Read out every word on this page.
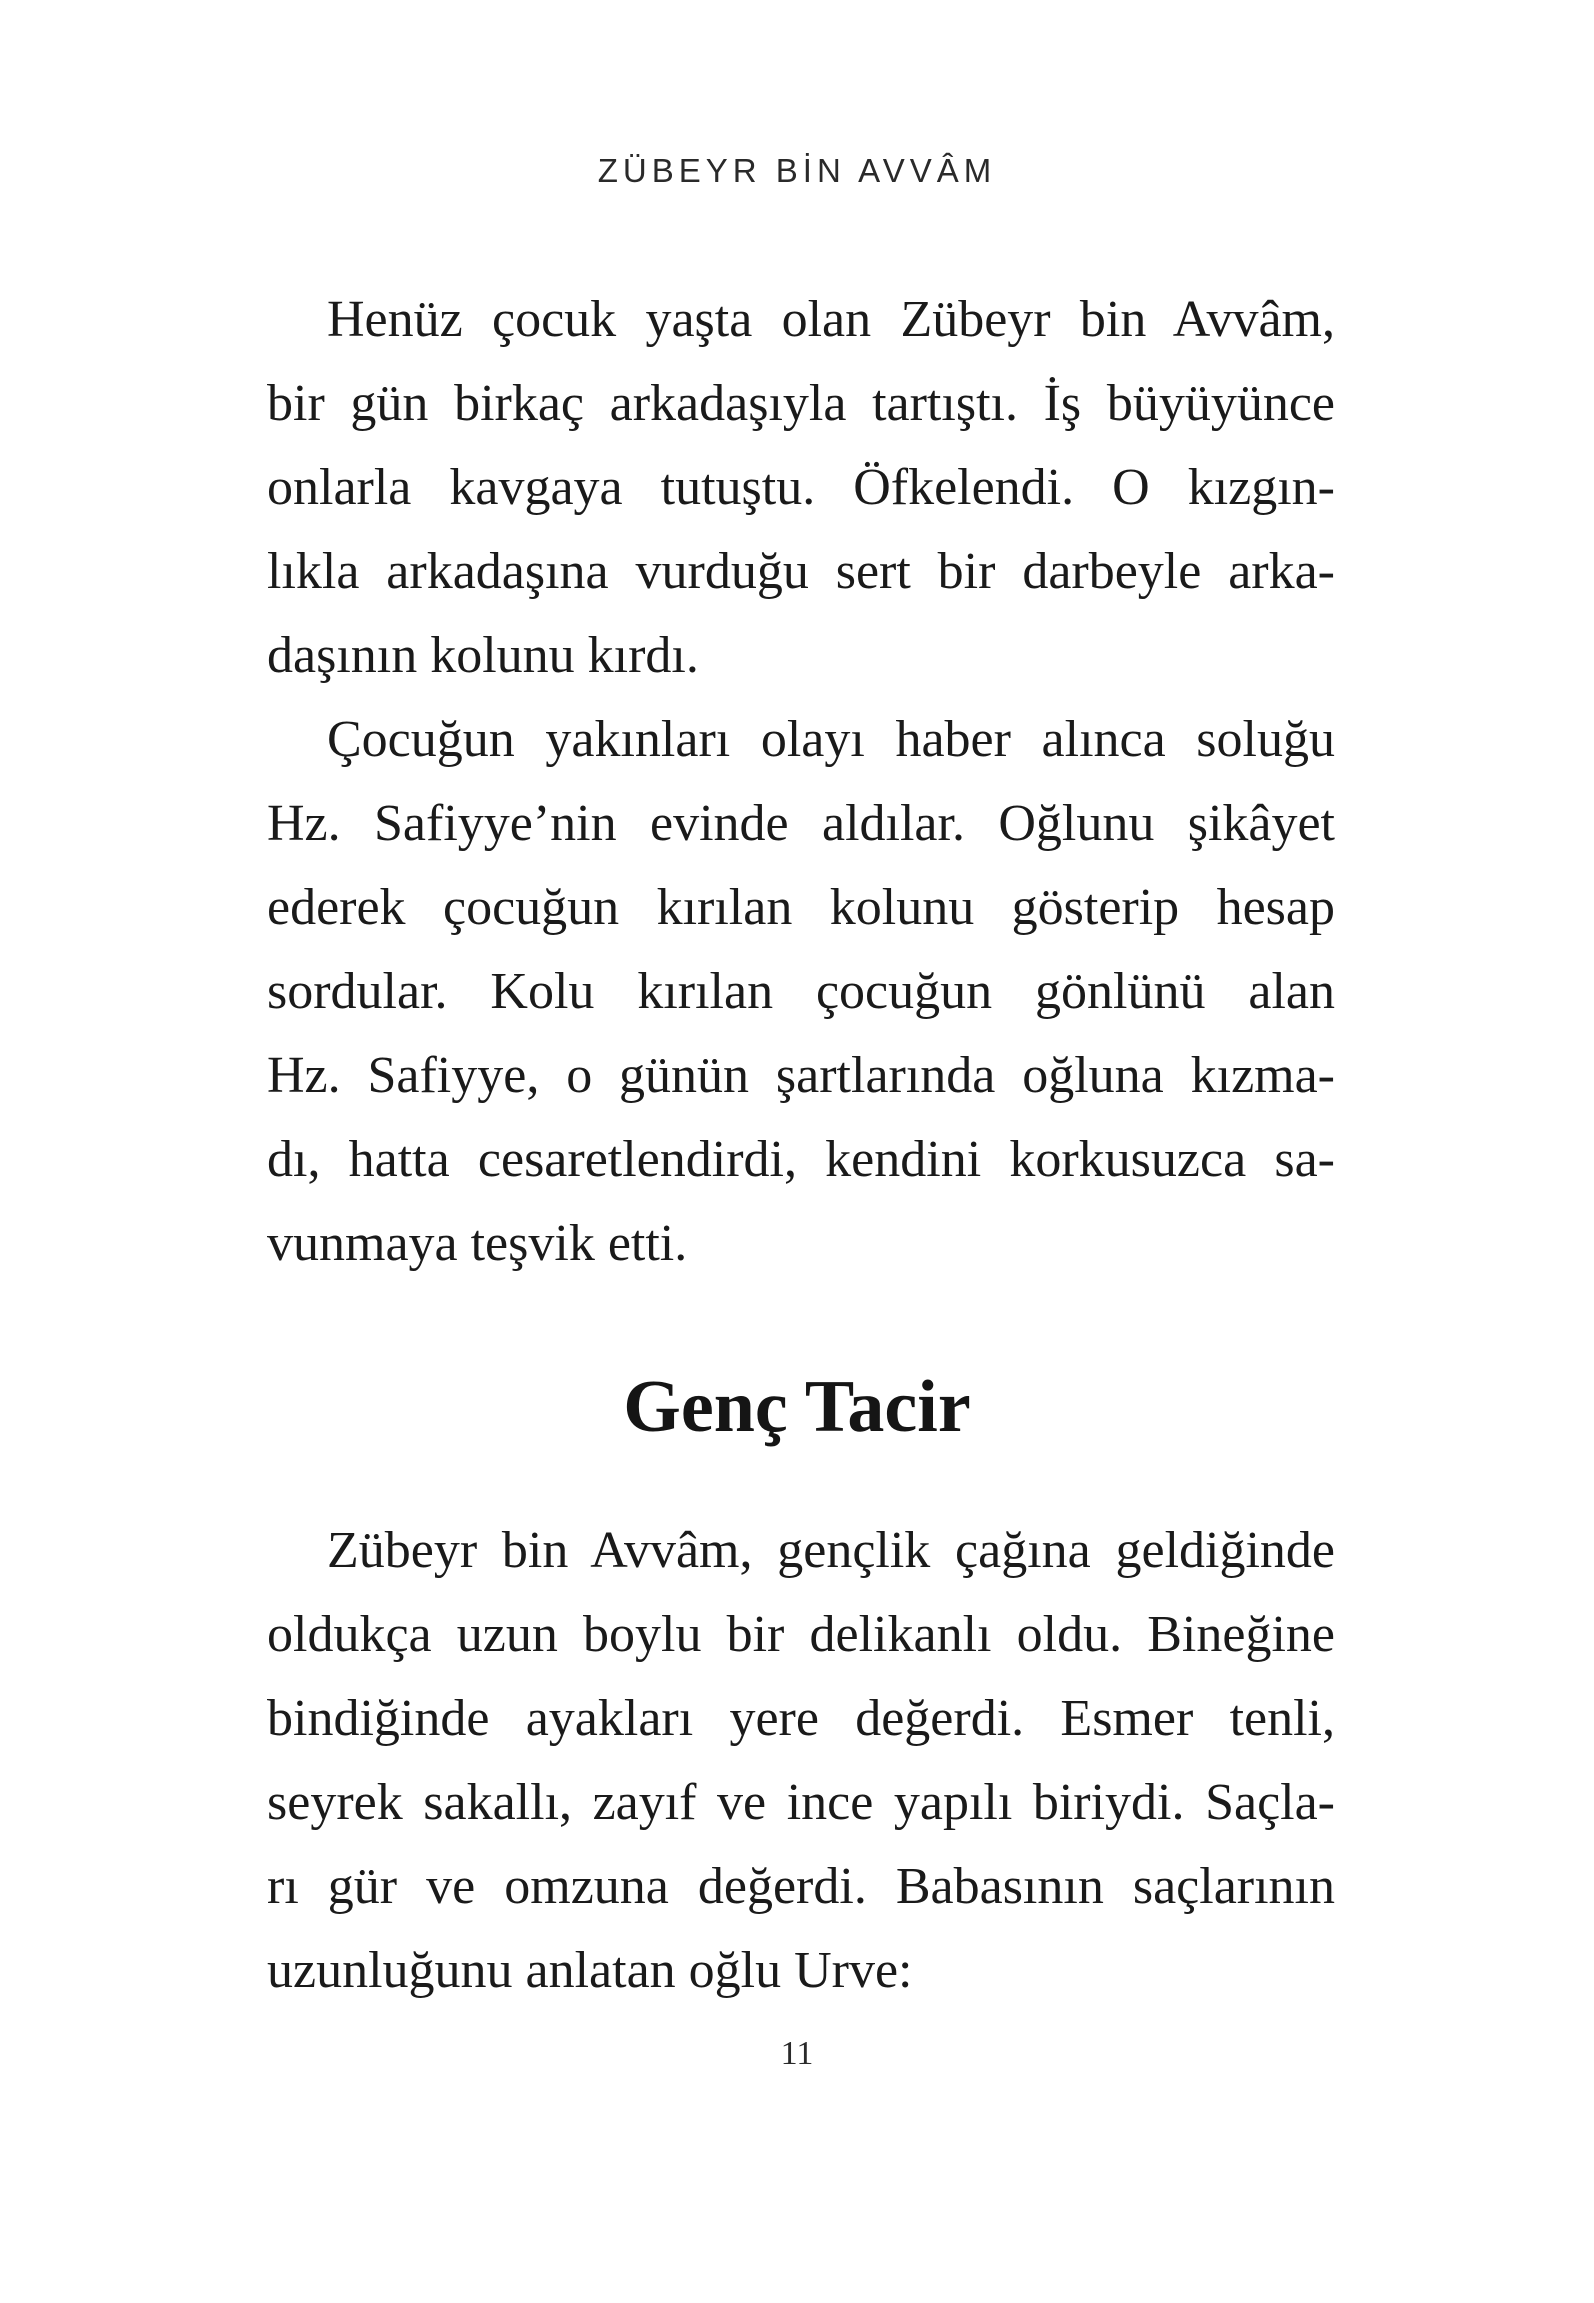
ZÜBEYR BİN AVVÂM
Henüz çocuk yaşta olan Zübeyr bin Avvâm,
bir gün birkaç arkadaşıyla tartıştı. İş büyüyünce
onlarla kavgaya tutuştu. Öfkelendi. O kızgın-
lıkla arkadaşına vurduğu sert bir darbeyle arka-
daşının kolunu kırdı.
Çocuğun yakınları olayı haber alınca soluğu
Hz. Safiyye’nin evinde aldılar. Oğlunu şikâyet
ederek çocuğun kırılan kolunu gösterip hesap
sordular. Kolu kırılan çocuğun gönlünü alan
Hz. Safiyye, o günün şartlarında oğluna kızma-
dı, hatta cesaretlendirdi, kendini korkusuzca sa-
vunmaya teşvik etti.
Genç Tacir
Zübeyr bin Avvâm, gençlik çağına geldiğinde
oldukça uzun boylu bir delikanlı oldu. Bineğine
bindiğinde ayakları yere değerdi. Esmer tenli,
seyrek sakallı, zayıf ve ince yapılı biriydi. Saçla-
rı gür ve omzuna değerdi. Babasının saçlarının
uzunluğunu anlatan oğlu Urve:
11
